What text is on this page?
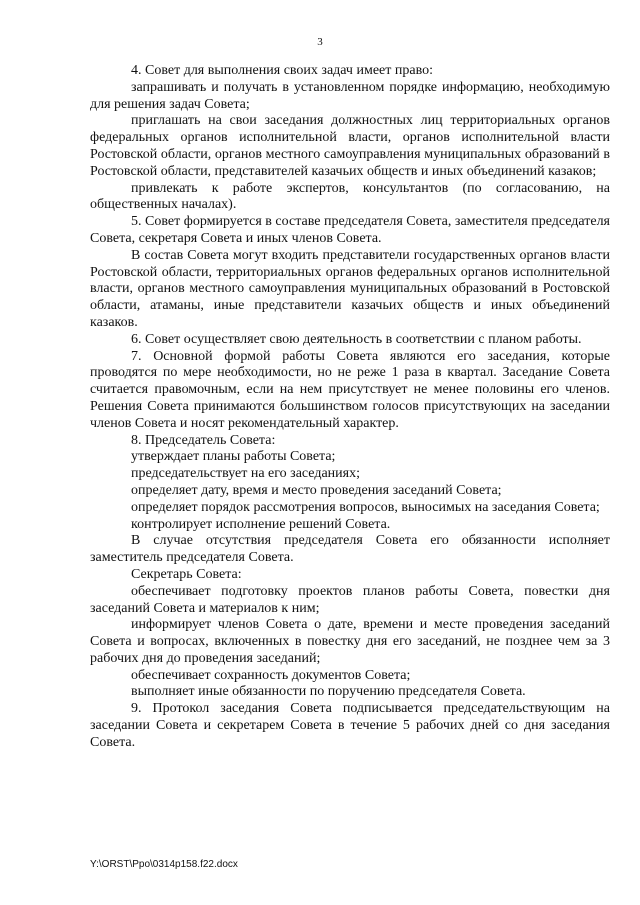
3

4. Совет для выполнения своих задач имеет право:

запрашивать и получать в установленном порядке информацию, необходимую для решения задач Совета;

приглашать на свои заседания должностных лиц территориальных органов федеральных органов исполнительной власти, органов исполнительной власти Ростовской области, органов местного самоуправления муниципальных образований в Ростовской области, представителей казачьих обществ и иных объединений казаков;

привлекать к работе экспертов, консультантов (по согласованию, на общественных началах).

5. Совет формируется в составе председателя Совета, заместителя председателя Совета, секретаря Совета и иных членов Совета.

В состав Совета могут входить представители государственных органов власти Ростовской области, территориальных органов федеральных органов исполнительной власти, органов местного самоуправления муниципальных образований в Ростовской области, атаманы, иные представители казачьих обществ и иных объединений казаков.

6. Совет осуществляет свою деятельность в соответствии с планом работы.

7. Основной формой работы Совета являются его заседания, которые проводятся по мере необходимости, но не реже 1 раза в квартал. Заседание Совета считается правомочным, если на нем присутствует не менее половины его членов. Решения Совета принимаются большинством голосов присутствующих на заседании членов Совета и носят рекомендательный характер.

8. Председатель Совета:

утверждает планы работы Совета;

председательствует на его заседаниях;

определяет дату, время и место проведения заседаний Совета;

определяет порядок рассмотрения вопросов, выносимых на заседания Совета;

контролирует исполнение решений Совета.

В случае отсутствия председателя Совета его обязанности исполняет заместитель председателя Совета.

Секретарь Совета:

обеспечивает подготовку проектов планов работы Совета, повестки дня заседаний Совета и материалов к ним;

информирует членов Совета о дате, времени и месте проведения заседаний Совета и вопросах, включенных в повестку дня его заседаний, не позднее чем за 3 рабочих дня до проведения заседаний;

обеспечивает сохранность документов Совета;

выполняет иные обязанности по поручению председателя Совета.

9. Протокол заседания Совета подписывается председательствующим на заседании Совета и секретарем Совета в течение 5 рабочих дней со дня заседания Совета.

Y:\ORST\Ppo\0314p158.f22.docx
